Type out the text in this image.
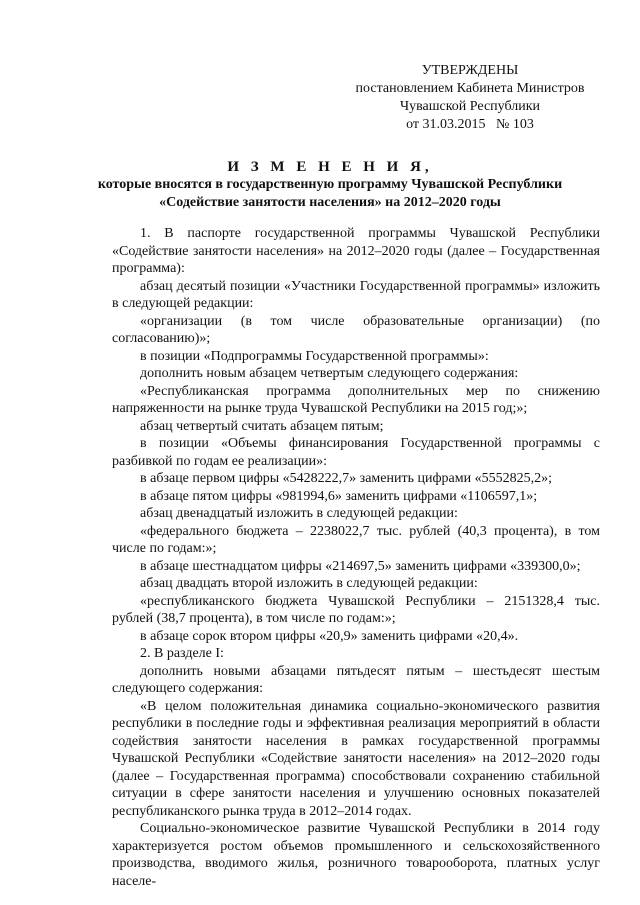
УТВЕРЖДЕНЫ
постановлением Кабинета Министров
Чувашской Республики
от 31.03.2015   № 103
И З М Е Н Е Н И Я,
которые вносятся в государственную программу Чувашской Республики
«Содействие занятости населения» на 2012–2020 годы

1. В паспорте государственной программы Чувашской Республики «Содействие занятости населения» на 2012–2020 годы (далее – Государственная программа):

абзац десятый позиции «Участники Государственной программы» изложить в следующей редакции:

«организации (в том числе образовательные организации) (по согласованию)»;

в позиции «Подпрограммы Государственной программы»:

дополнить новым абзацем четвертым следующего содержания:

«Республиканская программа дополнительных мер по снижению напряженности на рынке труда Чувашской Республики на 2015 год;»;

абзац четвертый считать абзацем пятым;

в позиции «Объемы финансирования Государственной программы с разбивкой по годам ее реализации»:

в абзаце первом цифры «5428222,7» заменить цифрами «5552825,2»;

в абзаце пятом цифры «981994,6» заменить цифрами «1106597,1»;

абзац двенадцатый изложить в следующей редакции:

«федерального бюджета – 2238022,7 тыс. рублей (40,3 процента), в том числе по годам:»;

в абзаце шестнадцатом цифры «214697,5» заменить цифрами «339300,0»;

абзац двадцать второй изложить в следующей редакции:

«республиканского бюджета Чувашской Республики – 2151328,4 тыс. рублей (38,7 процента), в том числе по годам:»;

в абзаце сорок втором цифры «20,9» заменить цифрами «20,4».

2. В разделе I:

дополнить новыми абзацами пятьдесят пятым – шестьдесят шестым следующего содержания:

«В целом положительная динамика социально-экономического развития республики в последние годы и эффективная реализация мероприятий в области содействия занятости населения в рамках государственной программы Чувашской Республики «Содействие занятости населения» на 2012–2020 годы (далее – Государственная программа) способствовали сохранению стабильной ситуации в сфере занятости населения и улучшению основных показателей республиканского рынка труда в 2012–2014 годах.

Социально-экономическое развитие Чувашской Республики в 2014 году характеризуется ростом объемов промышленного и сельскохозяйственного производства, вводимого жилья, розничного товарооборота, платных услуг населе-
